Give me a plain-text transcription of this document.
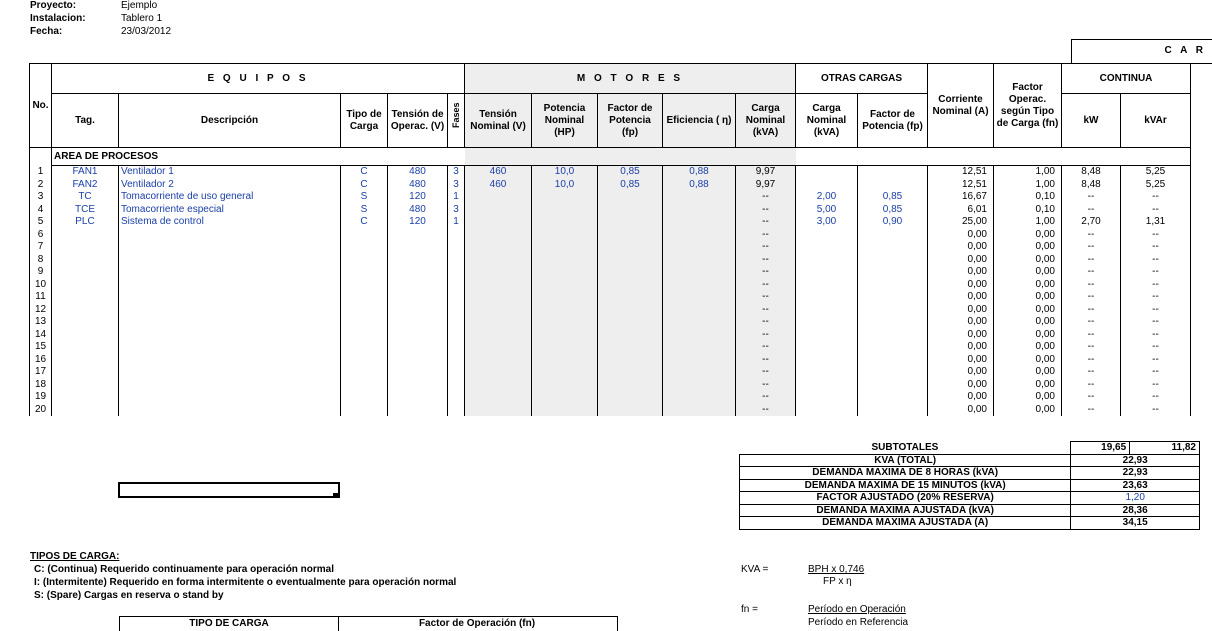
Proyecto:	Ejemplo
Instalacion:	Tablero 1
Fecha:	23/03/2012
C A R
No.	E Q U I P O S					M O T O R E S					OTRAS CARGAS		Corriente Nominal (A)	Factor Operac. según Tipo de Carga (fn)	CONTINUA	
	Tag.	Descripción	Tipo de Carga	Tensión de Operac. (V)	Fases	Tensión Nominal (V)	Potencia Nominal (HP)	Factor de Potencia (fp)	Eficiencia ( η)	Carga Nominal (kVA)	Carga Nominal (kVA)	Factor de Potencia (fp)			kW	kVAr
	AREA DE PROCESOS															
1	FAN1	Ventilador 1	C	480	3	460	10,0	0,85	0,88	9,97			12,51	1,00	8,48	5,25
2	FAN2	Ventilador 2	C	480	3	460	10,0	0,85	0,88	9,97			12,51	1,00	8,48	5,25
3	TC	Tomacorriente de uso general	S	120	1					--	2,00	0,85	16,67	0,10	--	--
4	TCE	Tomacorriente especial	S	480	3					--	5,00	0,85	6,01	0,10	--	--
5	PLC	Sistema de control	C	120	1					--	3,00	0,90	25,00	1,00	2,70	1,31
6										--			0,00	0,00	--	--
7										--			0,00	0,00	--	--
8										--			0,00	0,00	--	--
9										--			0,00	0,00	--	--
10										--			0,00	0,00	--	--
11										--			0,00	0,00	--	--
12										--			0,00	0,00	--	--
13										--			0,00	0,00	--	--
14										--			0,00	0,00	--	--
15										--			0,00	0,00	--	--
16										--			0,00	0,00	--	--
17										--			0,00	0,00	--	--
18										--			0,00	0,00	--	--
19										--			0,00	0,00	--	--
20										--			0,00	0,00	--	--
SUBTOTALES	19,65	11,82
KVA (TOTAL)	22,93	
DEMANDA MAXIMA DE 8 HORAS (kVA)	22,93	
DEMANDA MAXIMA DE 15 MINUTOS (kVA)	23,63	
FACTOR AJUSTADO (20% RESERVA)	1,20	
DEMANDA MAXIMA AJUSTADA (kVA)	28,36	
DEMANDA MAXIMA AJUSTADA (A)	34,15	
TIPOS DE CARGA:
C: (Continua) Requerido continuamente para operación normal
I: (Intermitente) Requerido en forma intermitente o eventualmente para operación normal
S: (Spare) Cargas en reserva o stand by
TIPO DE CARGA	Factor de Operación (fn)
KVA =	BPH x 0,746
FP x η
fn =	Período en Operación
Período en Referencia
